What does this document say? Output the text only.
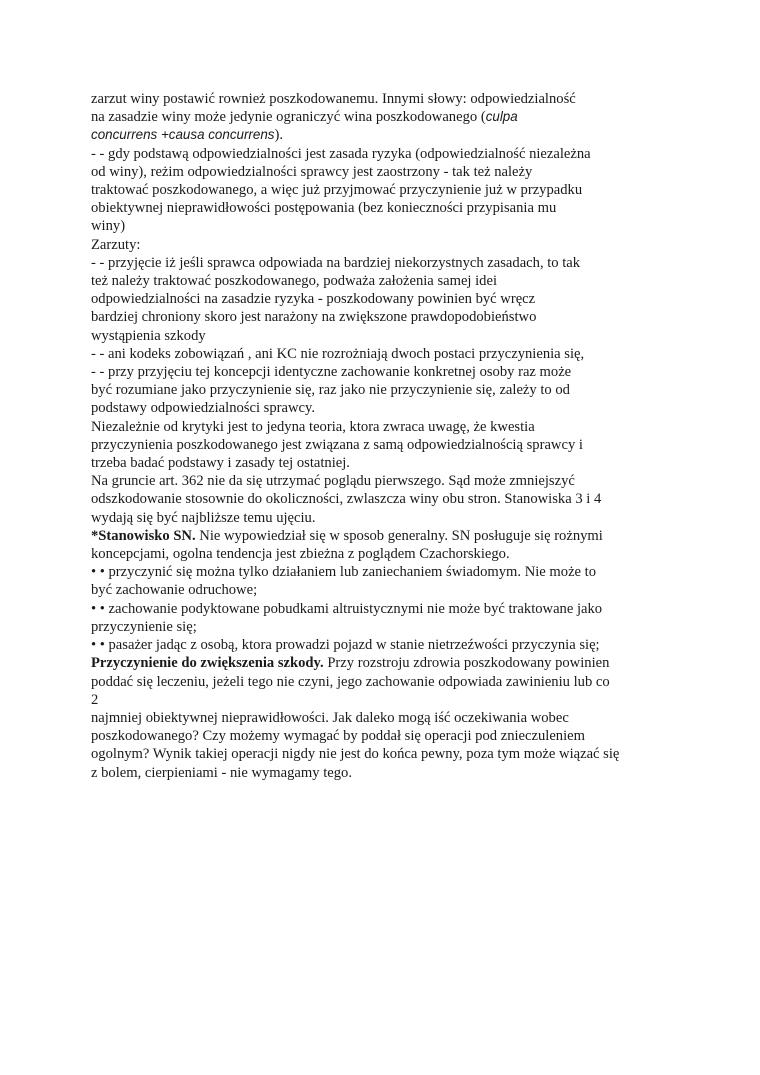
zarzut winy postawić rownież poszkodowanemu. Innymi słowy: odpowiedzialność
na zasadzie winy może jedynie ograniczyć wina poszkodowanego (culpa
concurrens +causa concurrens).
- - gdy podstawą odpowiedzialności jest zasada ryzyka (odpowiedzialność niezależna
od winy), reżim odpowiedzialności sprawcy jest zaostrzony ‐ tak też należy
traktować poszkodowanego, a więc już przyjmować przyczynienie już w przypadku
obiektywnej nieprawidłowości postępowania (bez konieczności przypisania mu
winy)
Zarzuty:
- - przyjęcie iż jeśli sprawca odpowiada na bardziej niekorzystnych zasadach, to tak
też należy traktować poszkodowanego, podważa założenia samej idei
odpowiedzialności na zasadzie ryzyka ‐ poszkodowany powinien być wręcz
bardziej chroniony skoro jest narażony na zwiększone prawdopodobieństwo
wystąpienia szkody
- - ani kodeks zobowiązań , ani KC nie rozrożniają dwoch postaci przyczynienia się,
- - przy przyjęciu tej koncepcji identyczne zachowanie konkretnej osoby raz może
być rozumiane jako przyczynienie się, raz jako nie przyczynienie się, zależy to od
podstawy odpowiedzialności sprawcy.
Niezależnie od krytyki jest to jedyna teoria, ktora zwraca uwagę, że kwestia
przyczynienia poszkodowanego jest związana z samą odpowiedzialnością sprawcy i
trzeba badać podstawy i zasady tej ostatniej.
Na gruncie art. 362 nie da się utrzymać poglądu pierwszego. Sąd może zmniejszyć
odszkodowanie stosownie do okoliczności, zwlaszcza winy obu stron. Stanowiska 3 i 4
wydają się być najbliższe temu ujęciu.
*Stanowisko SN. Nie wypowiedział się w sposob generalny. SN posługuje się rożnymi
koncepcjami, ogolna tendencja jest zbieżna z poglądem Czachorskiego.
• • przyczynić się można tylko działaniem lub zaniechaniem świadomym. Nie może to
być zachowanie odruchowe;
• • zachowanie podyktowane pobudkami altruistycznymi nie może być traktowane jako
przyczynienie się;
• • pasażer jadąc z osobą, ktora prowadzi pojazd w stanie nietrzeźwości przyczynia się;
Przyczynienie do zwiększenia szkody. Przy rozstroju zdrowia poszkodowany powinien
poddać się leczeniu, jeżeli tego nie czyni, jego zachowanie odpowiada zawinieniu lub co
2
najmniej obiektywnej nieprawidłowości. Jak daleko mogą iść oczekiwania wobec
poszkodowanego? Czy możemy wymagać by poddał się operacji pod znieczuleniem
ogolnym? Wynik takiej operacji nigdy nie jest do końca pewny, poza tym może wiązać się
z bolem, cierpieniami ‐ nie wymagamy tego.
